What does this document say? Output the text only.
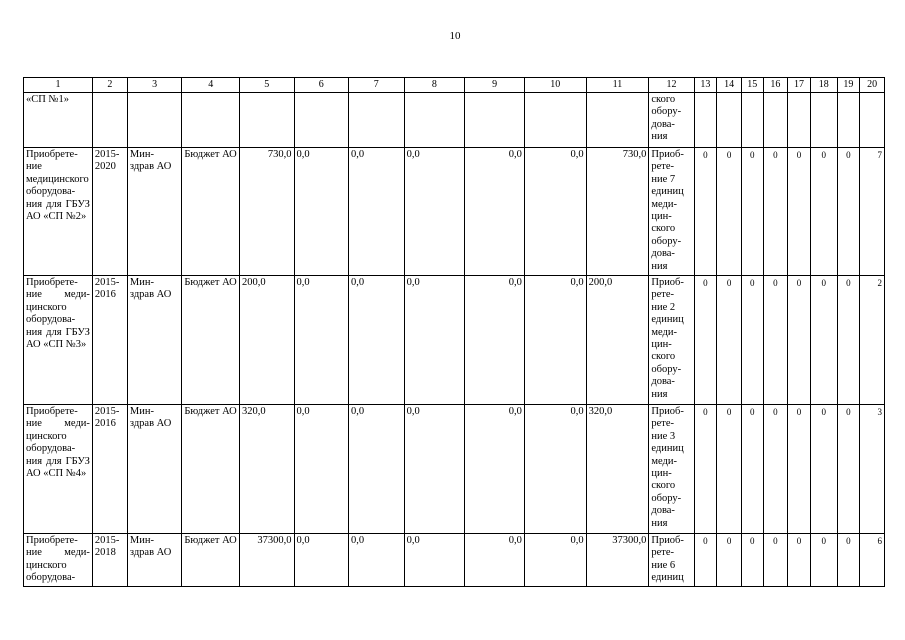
10
1	2	3	4	5	6	7	8	9	10	11	12	13	14	15	16	17	18	19	20
«СП №1»											ского обору- дова- ния								
Приобрете- ние медицинского оборудова- ния для ГБУЗ АО «СП №2»	2015- 2020	Мин- здрав АО	Бюджет АО	730,0	0,0	0,0	0,0	0,0	0,0	730,0	Приоб- рете- ние 7 единиц меди- цин- ского обору- дова- ния	0	0	0	0	0	0	0	7
Приобрете- ние меди- цинского оборудова- ния для ГБУЗ АО «СП №3»	2015- 2016	Мин- здрав АО	Бюджет АО	200,0	0,0	0,0	0,0	0,0	0,0	200,0	Приоб- рете- ние 2 единиц меди- цин- ского обору- дова- ния	0	0	0	0	0	0	0	2
Приобрете- ние меди- цинского оборудова- ния для ГБУЗ АО «СП №4»	2015- 2016	Мин- здрав АО	Бюджет АО	320,0	0,0	0,0	0,0	0,0	0,0	320,0	Приоб- рете- ние 3 единиц меди- цин- ского обору- дова- ния	0	0	0	0	0	0	0	3
Приобрете- ние меди- цинского оборудова-	2015- 2018	Мин- здрав АО	Бюджет АО	37300,0	0,0	0,0	0,0	0,0	0,0	37300,0	Приоб- рете- ние 6 единиц	0	0	0	0	0	0	0	6
